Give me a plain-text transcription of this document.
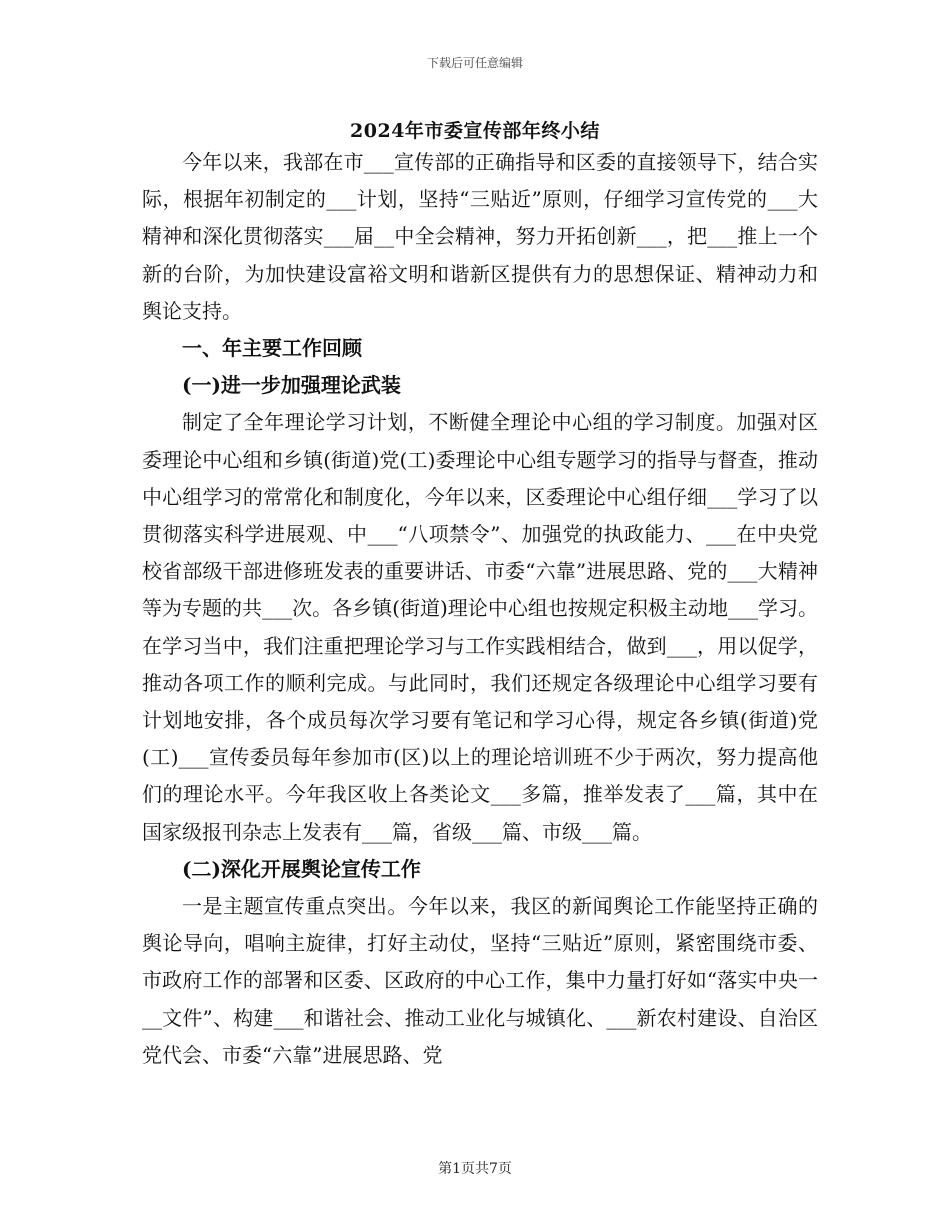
下载后可任意编辑
2024年市委宣传部年终小结

今年以来，我部在市___宣传部的正确指导和区委的直接领导下，结合实际，根据年初制定的___计划，坚持“三贴近”原则，仔细学习宣传党的___大精神和深化贯彻落实___届__中全会精神，努力开拓创新___，把___推上一个新的台阶，为加快建设富裕文明和谐新区提供有力的思想保证、精神动力和舆论支持。

一、年主要工作回顾
(一)进一步加强理论武装

制定了全年理论学习计划，不断健全理论中心组的学习制度。加强对区委理论中心组和乡镇(街道)党(工)委理论中心组专题学习的指导与督查，推动中心组学习的常常化和制度化，今年以来，区委理论中心组仔细___学习了以贯彻落实科学进展观、中___“八项禁令”、加强党的执政能力、___在中央党校省部级干部进修班发表的重要讲话、市委“六靠”进展思路、党的___大精神等为专题的共___次。各乡镇(街道)理论中心组也按规定积极主动地___学习。在学习当中，我们注重把理论学习与工作实践相结合，做到___，用以促学，推动各项工作的顺利完成。与此同时，我们还规定各级理论中心组学习要有计划地安排，各个成员每次学习要有笔记和学习心得，规定各乡镇(街道)党(工)___宣传委员每年参加市(区)以上的理论培训班不少于两次，努力提高他们的理论水平。今年我区收上各类论文___多篇，推举发表了___篇，其中在国家级报刊杂志上发表有___篇，省级___篇、市级___篇。

(二)深化开展舆论宣传工作

一是主题宣传重点突出。今年以来，我区的新闻舆论工作能坚持正确的舆论导向，唱响主旋律，打好主动仗，坚持“三贴近”原则，紧密围绕市委、市政府工作的部署和区委、区政府的中心工作，集中力量打好如“落实中央一__文件”、构建___和谐社会、推动工业化与城镇化、___新农村建设、自治区党代会、市委“六靠”进展思路、党

第1页共7页
